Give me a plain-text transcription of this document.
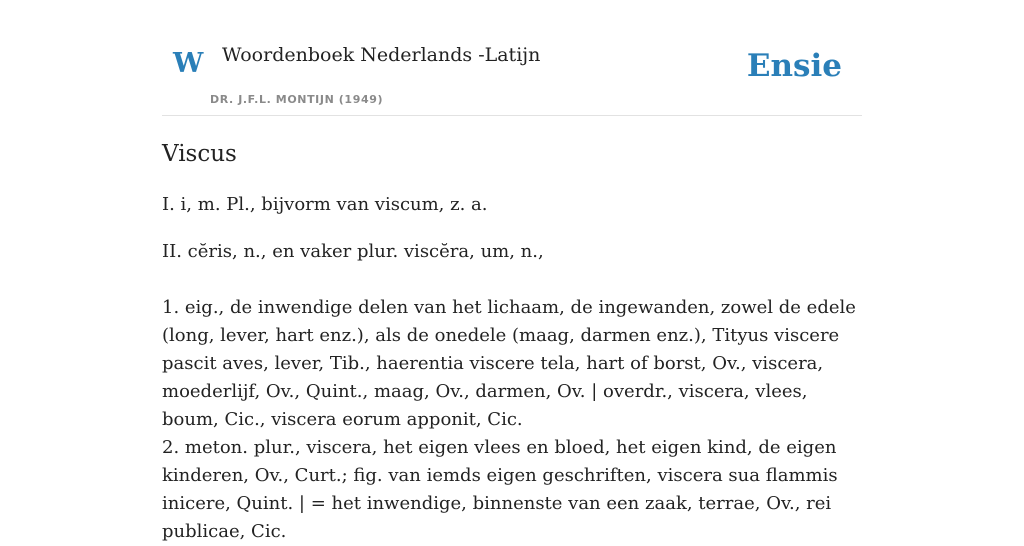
W Woordenboek Nederlands -Latijn
DR. J.F.L. MONTIJN (1949)
Ensie
Viscus

I. i, m. Pl., bijvorm van viscum, z. a.

II. cĕris, n., en vaker plur. viscĕra, um, n.,

1. eig., de inwendige delen van het lichaam, de ingewanden, zowel de edele (long, lever, hart enz.), als de onedele (maag, darmen enz.), Tityus viscere pascit aves, lever, Tib., haerentia viscere tela, hart of borst, Ov., viscera, moederlijf, Ov., Quint., maag, Ov., darmen, Ov. | overdr., viscera, vlees, boum, Cic., viscera eorum apponit, Cic.

2. meton. plur., viscera, het eigen vlees en bloed, het eigen kind, de eigen kinderen, Ov., Curt.; fig. van iemds eigen geschriften, viscera sua flammis inicere, Quint. | = het inwendige, binnenste van een zaak, terrae, Ov., rei publicae, Cic.
